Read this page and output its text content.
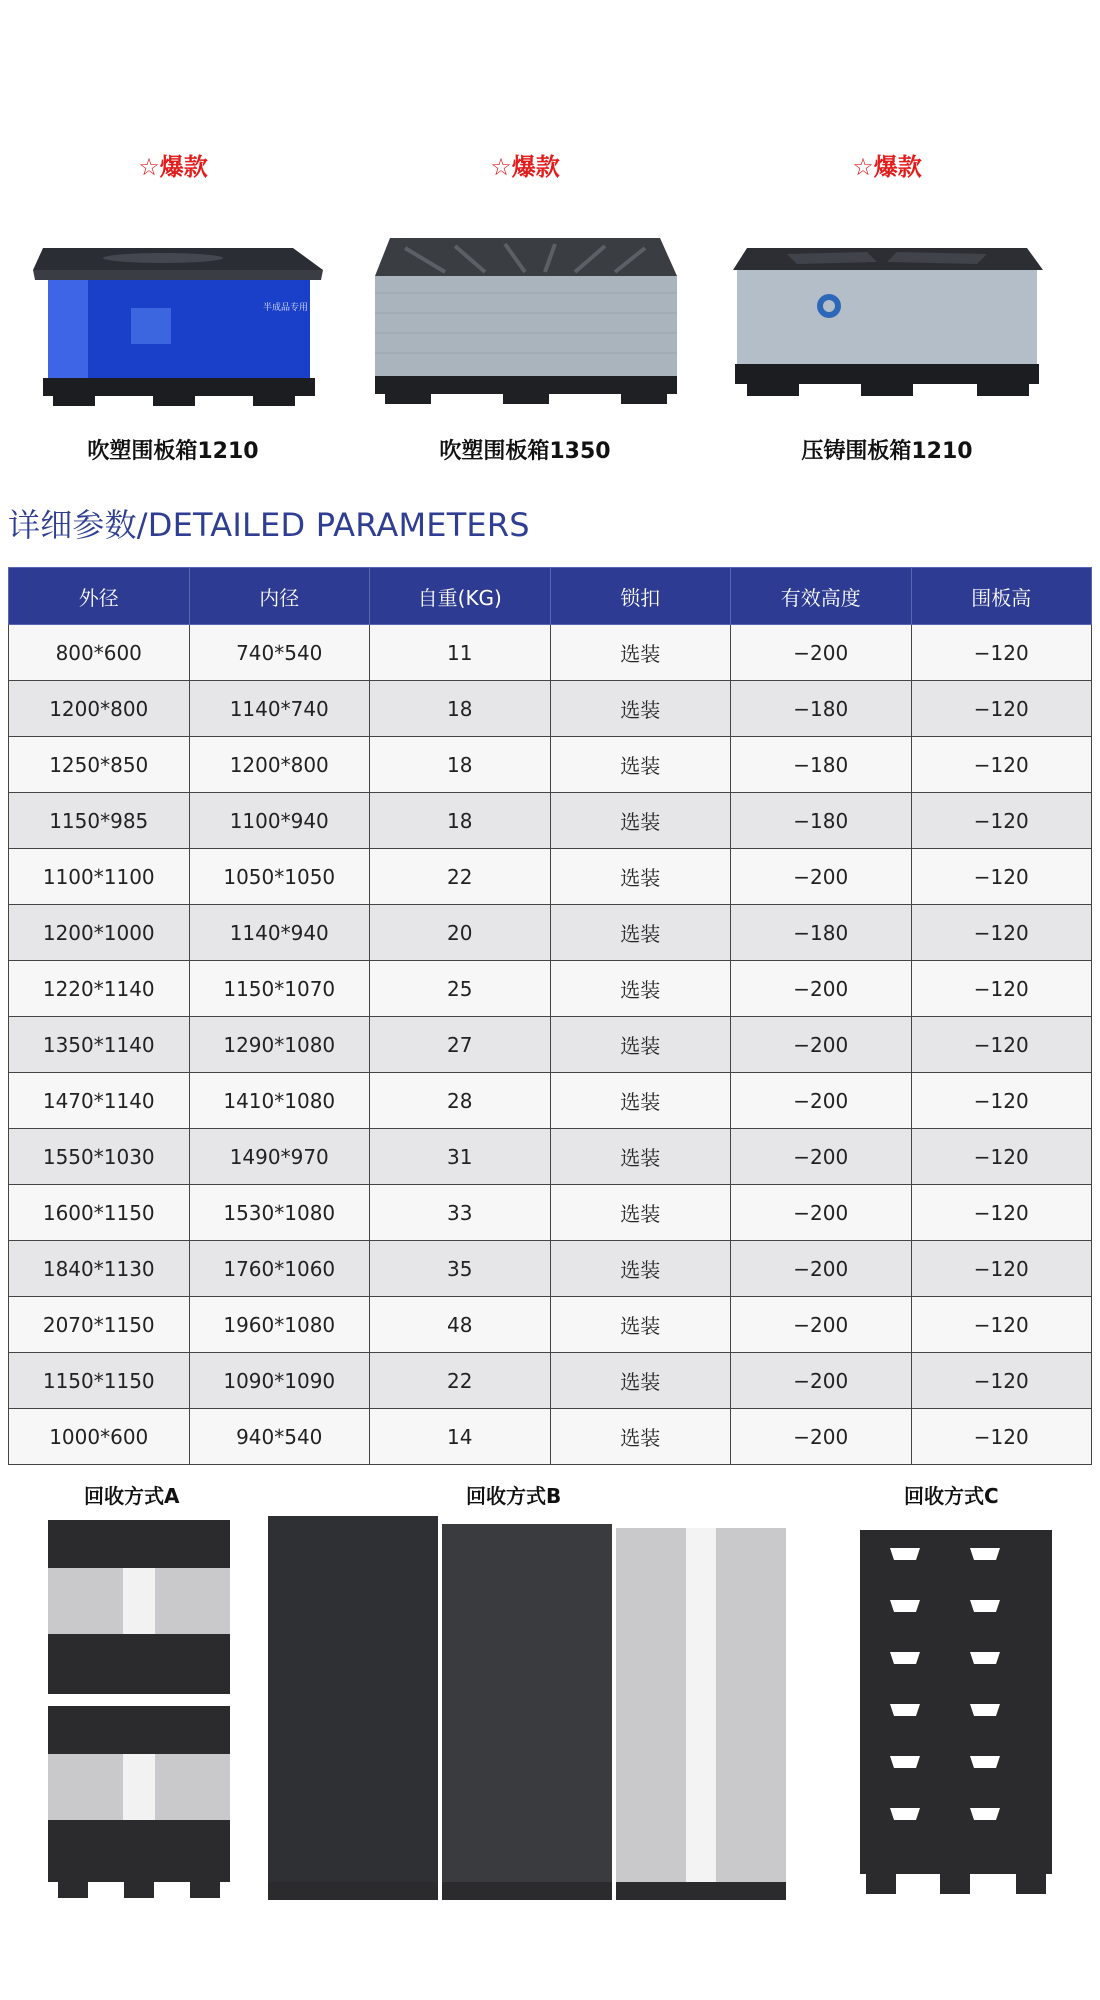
☆爆款
半成品专用
吹塑围板箱1210
☆爆款
吹塑围板箱1350
☆爆款
压铸围板箱1210
详细参数/DETAILED PARAMETERS
外径	内径	自重(KG)	锁扣	有效高度	围板高
800*600	740*540	11	选装	−200	−120
1200*800	1140*740	18	选装	−180	−120
1250*850	1200*800	18	选装	−180	−120
1150*985	1100*940	18	选装	−180	−120
1100*1100	1050*1050	22	选装	−200	−120
1200*1000	1140*940	20	选装	−180	−120
1220*1140	1150*1070	25	选装	−200	−120
1350*1140	1290*1080	27	选装	−200	−120
1470*1140	1410*1080	28	选装	−200	−120
1550*1030	1490*970	31	选装	−200	−120
1600*1150	1530*1080	33	选装	−200	−120
1840*1130	1760*1060	35	选装	−200	−120
2070*1150	1960*1080	48	选装	−200	−120
1150*1150	1090*1090	22	选装	−200	−120
1000*600	940*540	14	选装	−200	−120
回收方式A	回收方式B	回收方式C
